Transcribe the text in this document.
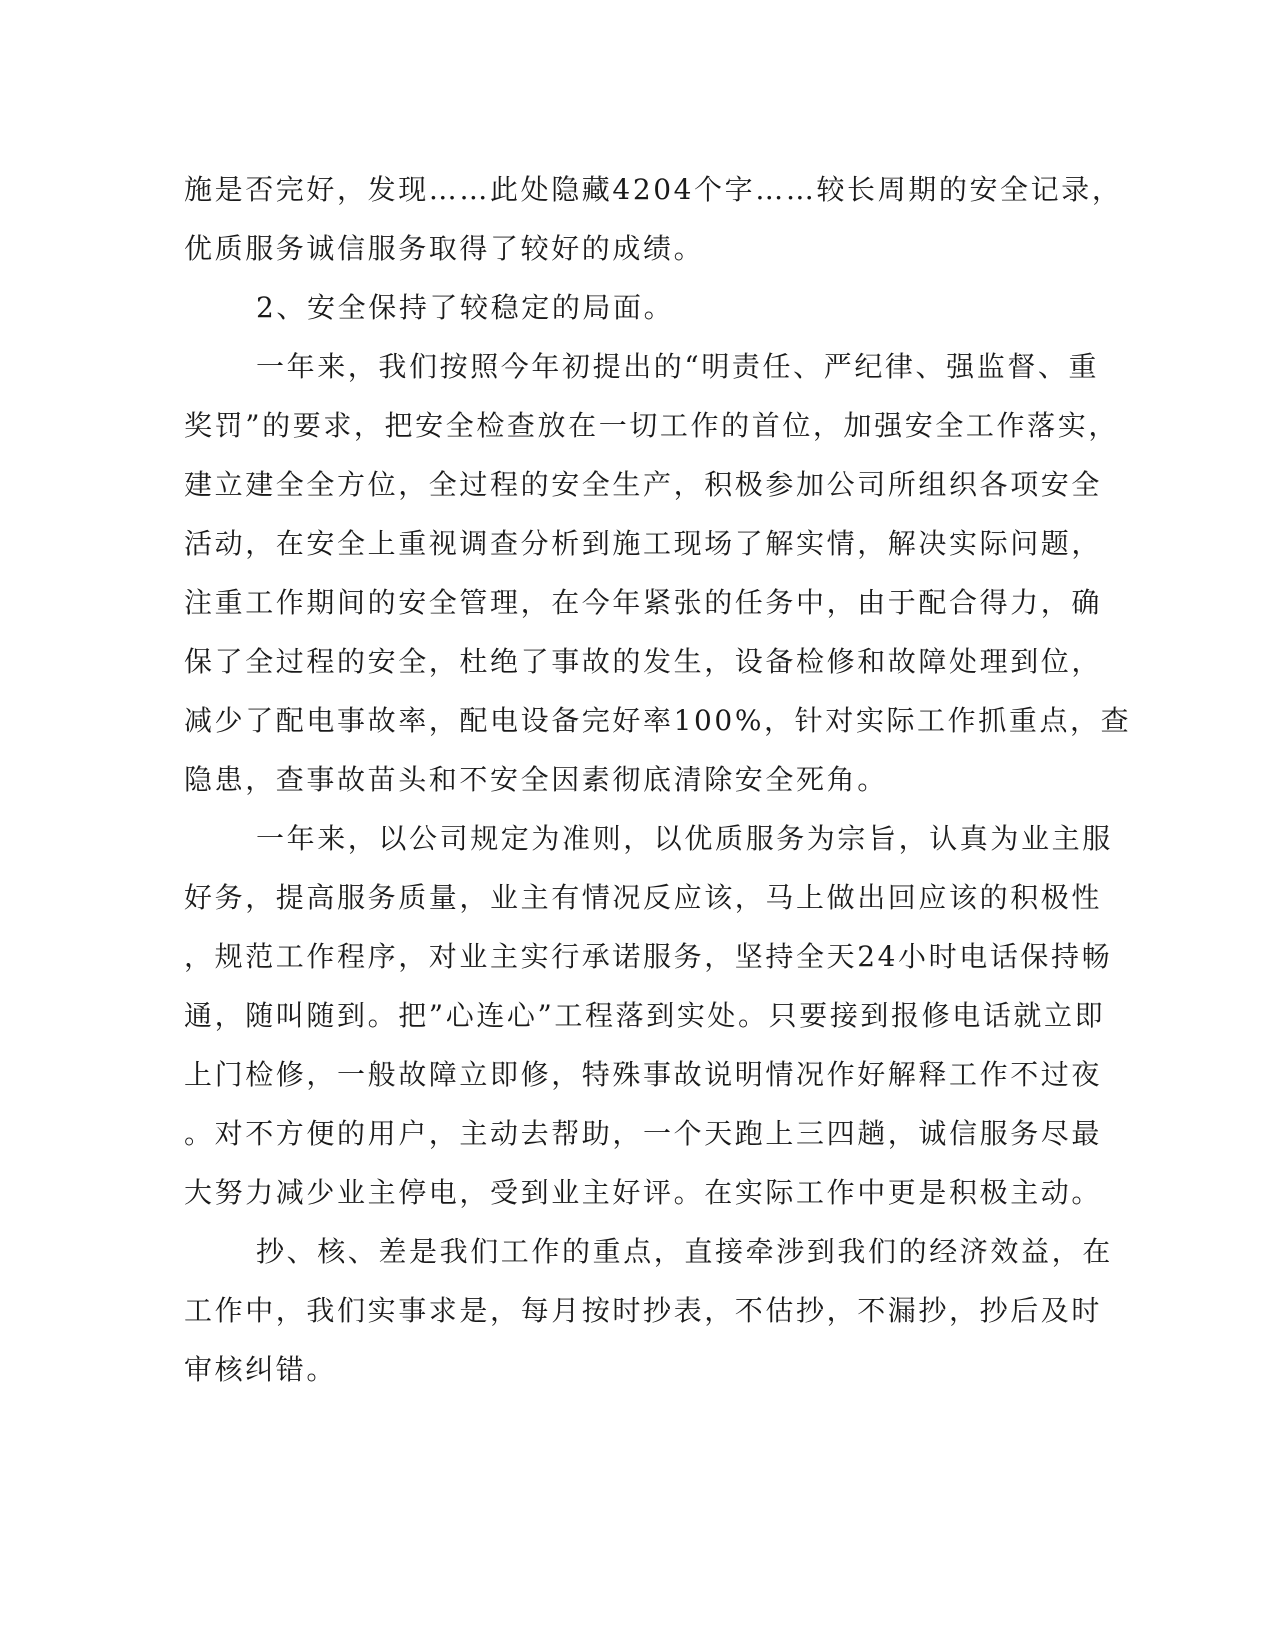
施是否完好，发现……此处隐藏4204个字……较长周期的安全记录，
优质服务诚信服务取得了较好的成绩。
2、安全保持了较稳定的局面。
一年来，我们按照今年初提出的“明责任、严纪律、强监督、重
奖罚”的要求，把安全检查放在一切工作的首位，加强安全工作落实，
建立建全全方位，全过程的安全生产，积极参加公司所组织各项安全
活动，在安全上重视调查分析到施工现场了解实情，解决实际问题，
注重工作期间的安全管理，在今年紧张的任务中，由于配合得力，确
保了全过程的安全，杜绝了事故的发生，设备检修和故障处理到位，
减少了配电事故率，配电设备完好率100%，针对实际工作抓重点，查
隐患，查事故苗头和不安全因素彻底清除安全死角。
一年来，以公司规定为准则，以优质服务为宗旨，认真为业主服
好务，提高服务质量，业主有情况反应该，马上做出回应该的积极性
，规范工作程序，对业主实行承诺服务，坚持全天24小时电话保持畅
通，随叫随到。把”心连心”工程落到实处。只要接到报修电话就立即
上门检修，一般故障立即修，特殊事故说明情况作好解释工作不过夜
。对不方便的用户，主动去帮助，一个天跑上三四趟，诚信服务尽最
大努力减少业主停电，受到业主好评。在实际工作中更是积极主动。
抄、核、差是我们工作的重点，直接牵涉到我们的经济效益，在
工作中，我们实事求是，每月按时抄表，不估抄，不漏抄，抄后及时
审核纠错。
